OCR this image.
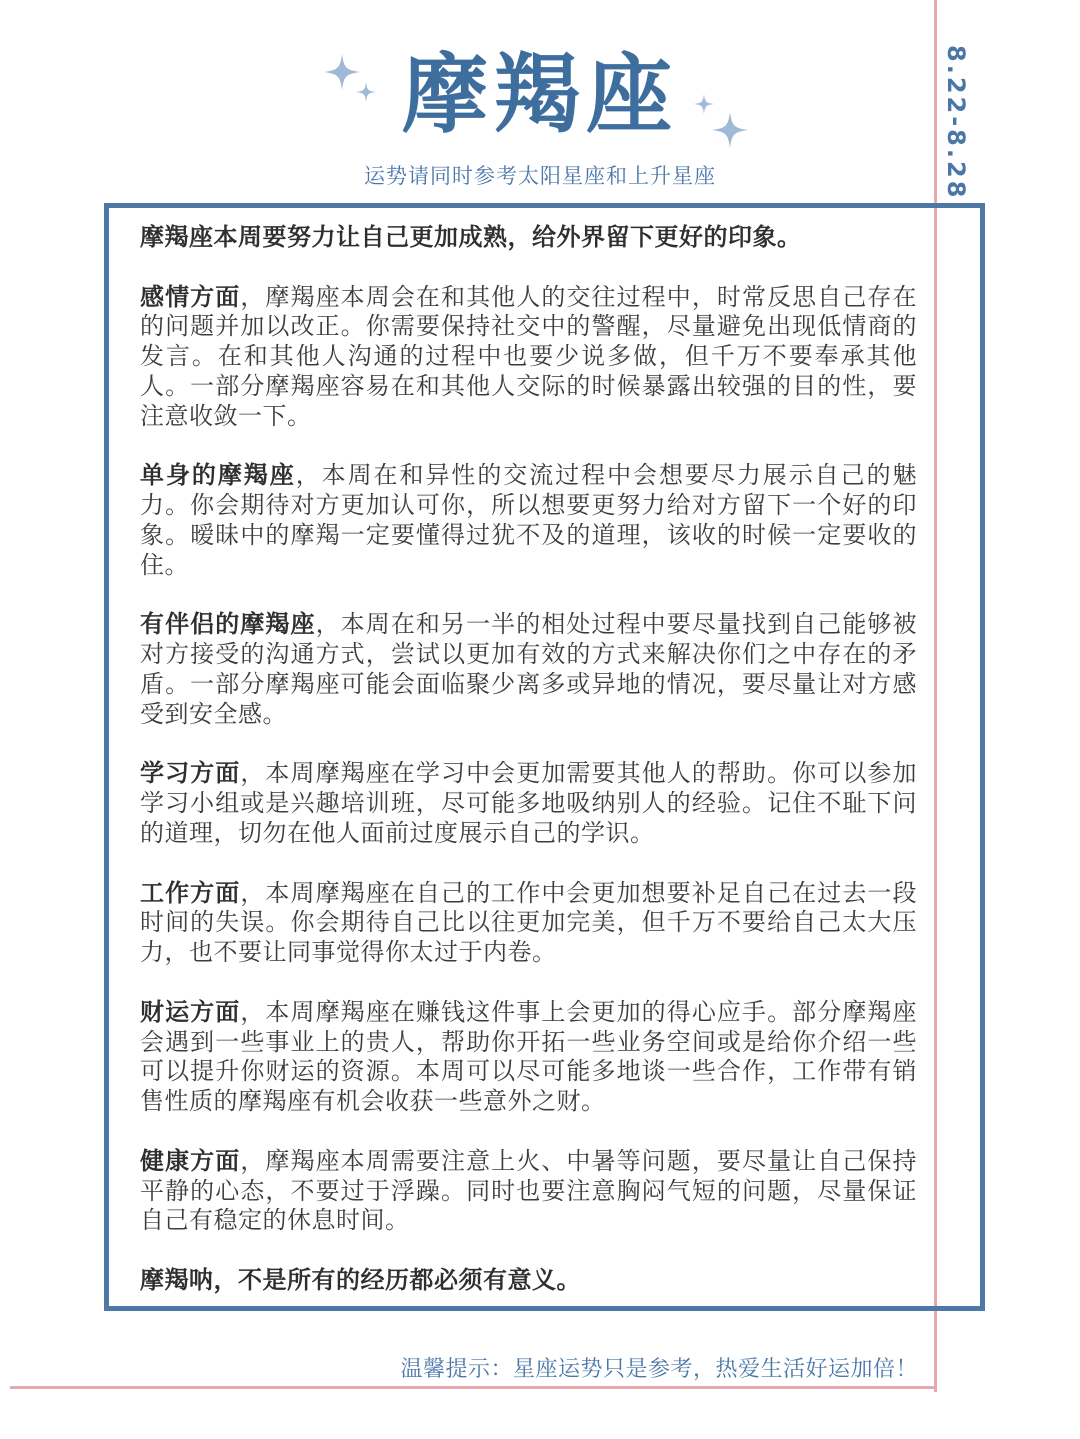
摩羯座
运势请同时参考太阳星座和上升星座	8.22-8.28

摩羯座本周要努力让自己更加成熟，给外界留下更好的印象。

感情方面，摩羯座本周会在和其他人的交往过程中，时常反思自己存在的问题并加以改正。你需要保持社交中的警醒，尽量避免出现低情商的发言。在和其他人沟通的过程中也要少说多做，但千万不要奉承其他人。一部分摩羯座容易在和其他人交际的时候暴露出较强的目的性，要注意收敛一下。

单身的摩羯座，本周在和异性的交流过程中会想要尽力展示自己的魅力。你会期待对方更加认可你，所以想要更努力给对方留下一个好的印象。暧昧中的摩羯一定要懂得过犹不及的道理，该收的时候一定要收的住。

有伴侣的摩羯座，本周在和另一半的相处过程中要尽量找到自己能够被对方接受的沟通方式，尝试以更加有效的方式来解决你们之中存在的矛盾。一部分摩羯座可能会面临聚少离多或异地的情况，要尽量让对方感受到安全感。

学习方面，本周摩羯座在学习中会更加需要其他人的帮助。你可以参加学习小组或是兴趣培训班，尽可能多地吸纳别人的经验。记住不耻下问的道理，切勿在他人面前过度展示自己的学识。

工作方面，本周摩羯座在自己的工作中会更加想要补足自己在过去一段时间的失误。你会期待自己比以往更加完美，但千万不要给自己太大压力，也不要让同事觉得你太过于内卷。

财运方面，本周摩羯座在赚钱这件事上会更加的得心应手。部分摩羯座会遇到一些事业上的贵人，帮助你开拓一些业务空间或是给你介绍一些可以提升你财运的资源。本周可以尽可能多地谈一些合作，工作带有销售性质的摩羯座有机会收获一些意外之财。

健康方面，摩羯座本周需要注意上火、中暑等问题，要尽量让自己保持平静的心态，不要过于浮躁。同时也要注意胸闷气短的问题，尽量保证自己有稳定的休息时间。

摩羯呐，不是所有的经历都必须有意义。

温馨提示：星座运势只是参考，热爱生活好运加倍！
